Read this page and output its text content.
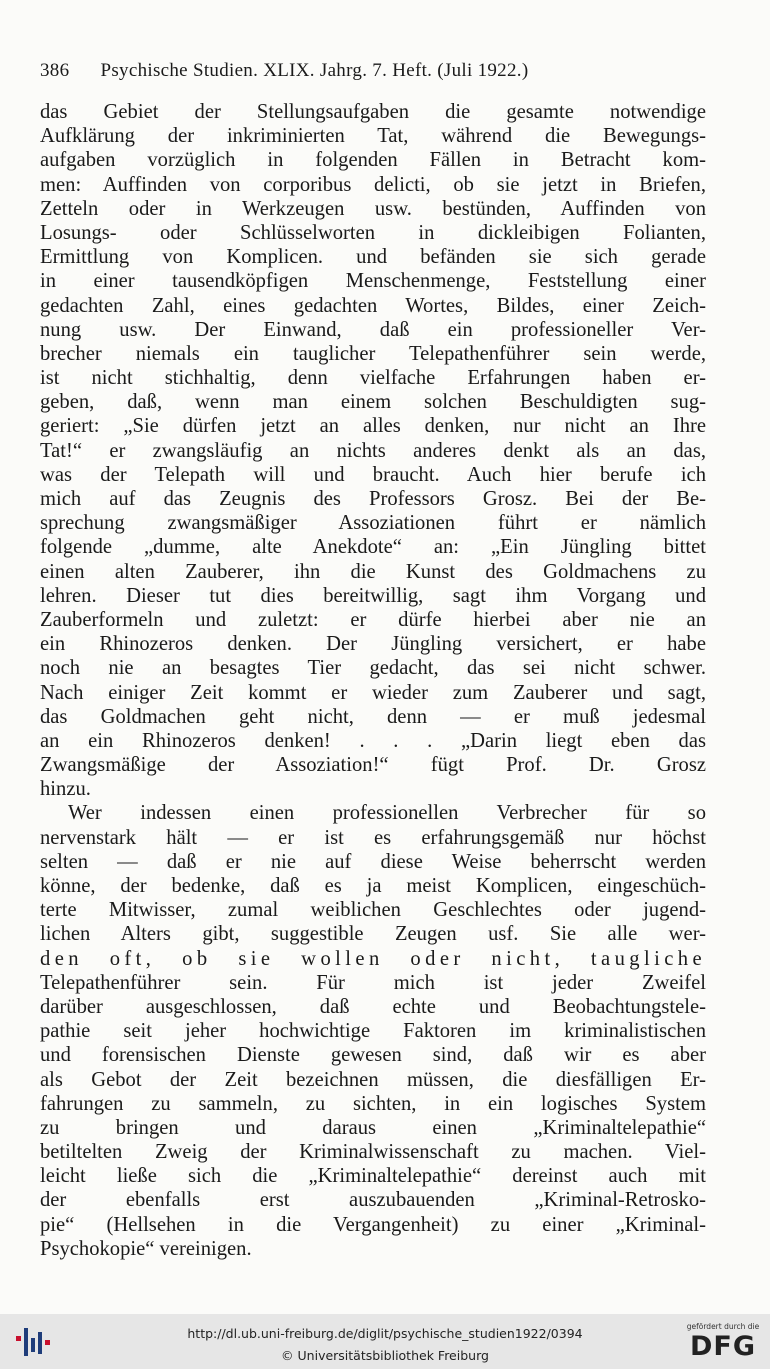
386 Psychische Studien. XLIX. Jahrg. 7. Heft. (Juli 1922.)
das Gebiet der Stellungsaufgaben die gesamte notwendige
Aufklärung der inkriminierten Tat, während die Bewegungs-
aufgaben vorzüglich in folgenden Fällen in Betracht kom-
men: Auffinden von corporibus delicti, ob sie jetzt in Briefen,
Zetteln oder in Werkzeugen usw. bestünden, Auffinden von
Losungs- oder Schlüsselworten in dickleibigen Folianten,
Ermittlung von Komplicen. und befänden sie sich gerade
in einer tausendköpfigen Menschenmenge, Feststellung einer
gedachten Zahl, eines gedachten Wortes, Bildes, einer Zeich-
nung usw. Der Einwand, daß ein professioneller Ver-
brecher niemals ein tauglicher Telepathenführer sein werde,
ist nicht stichhaltig, denn vielfache Erfahrungen haben er-
geben, daß, wenn man einem solchen Beschuldigten sug-
geriert: „Sie dürfen jetzt an alles denken, nur nicht an Ihre
Tat!“ er zwangsläufig an nichts anderes denkt als an das,
was der Telepath will und braucht. Auch hier berufe ich
mich auf das Zeugnis des Professors Grosz. Bei der Be-
sprechung zwangsmäßiger Assoziationen führt er nämlich
folgende „dumme, alte Anekdote“ an: „Ein Jüngling bittet
einen alten Zauberer, ihn die Kunst des Goldmachens zu
lehren. Dieser tut dies bereitwillig, sagt ihm Vorgang und
Zauberformeln und zuletzt: er dürfe hierbei aber nie an
ein Rhinozeros denken. Der Jüngling versichert, er habe
noch nie an besagtes Tier gedacht, das sei nicht schwer.
Nach einiger Zeit kommt er wieder zum Zauberer und sagt,
das Goldmachen geht nicht, denn — er muß jedesmal
an ein Rhinozeros denken! . . . „Darin liegt eben das
Zwangsmäßige der Assoziation!“ fügt Prof. Dr. Grosz
hinzu.
Wer indessen einen professionellen Verbrecher für so
nervenstark hält — er ist es erfahrungsgemäß nur höchst
selten — daß er nie auf diese Weise beherrscht werden
könne, der bedenke, daß es ja meist Komplicen, eingeschüch-
terte Mitwisser, zumal weiblichen Geschlechtes oder jugend-
lichen Alters gibt, suggestible Zeugen usf. Sie alle wer-
den oft, ob sie wollen oder nicht, taugliche
Telepathenführer sein. Für mich ist jeder Zweifel
darüber ausgeschlossen, daß echte und Beobachtungstele-
pathie seit jeher hochwichtige Faktoren im kriminalistischen
und forensischen Dienste gewesen sind, daß wir es aber
als Gebot der Zeit bezeichnen müssen, die diesfälligen Er-
fahrungen zu sammeln, zu sichten, in ein logisches System
zu bringen und daraus einen „Kriminaltelepathie“
betiltelten Zweig der Kriminalwissenschaft zu machen. Viel-
leicht ließe sich die „Kriminaltelepathie“ dereinst auch mit
der ebenfalls erst auszubauenden „Kriminal-Retrosko-
pie“ (Hellsehen in die Vergangenheit) zu einer „Kriminal-
Psychokopie“ vereinigen.
http://dl.ub.uni-freiburg.de/diglit/psychische_studien1922/0394
© Universitätsbibliothek Freiburg
gefördert durch die
DFG
